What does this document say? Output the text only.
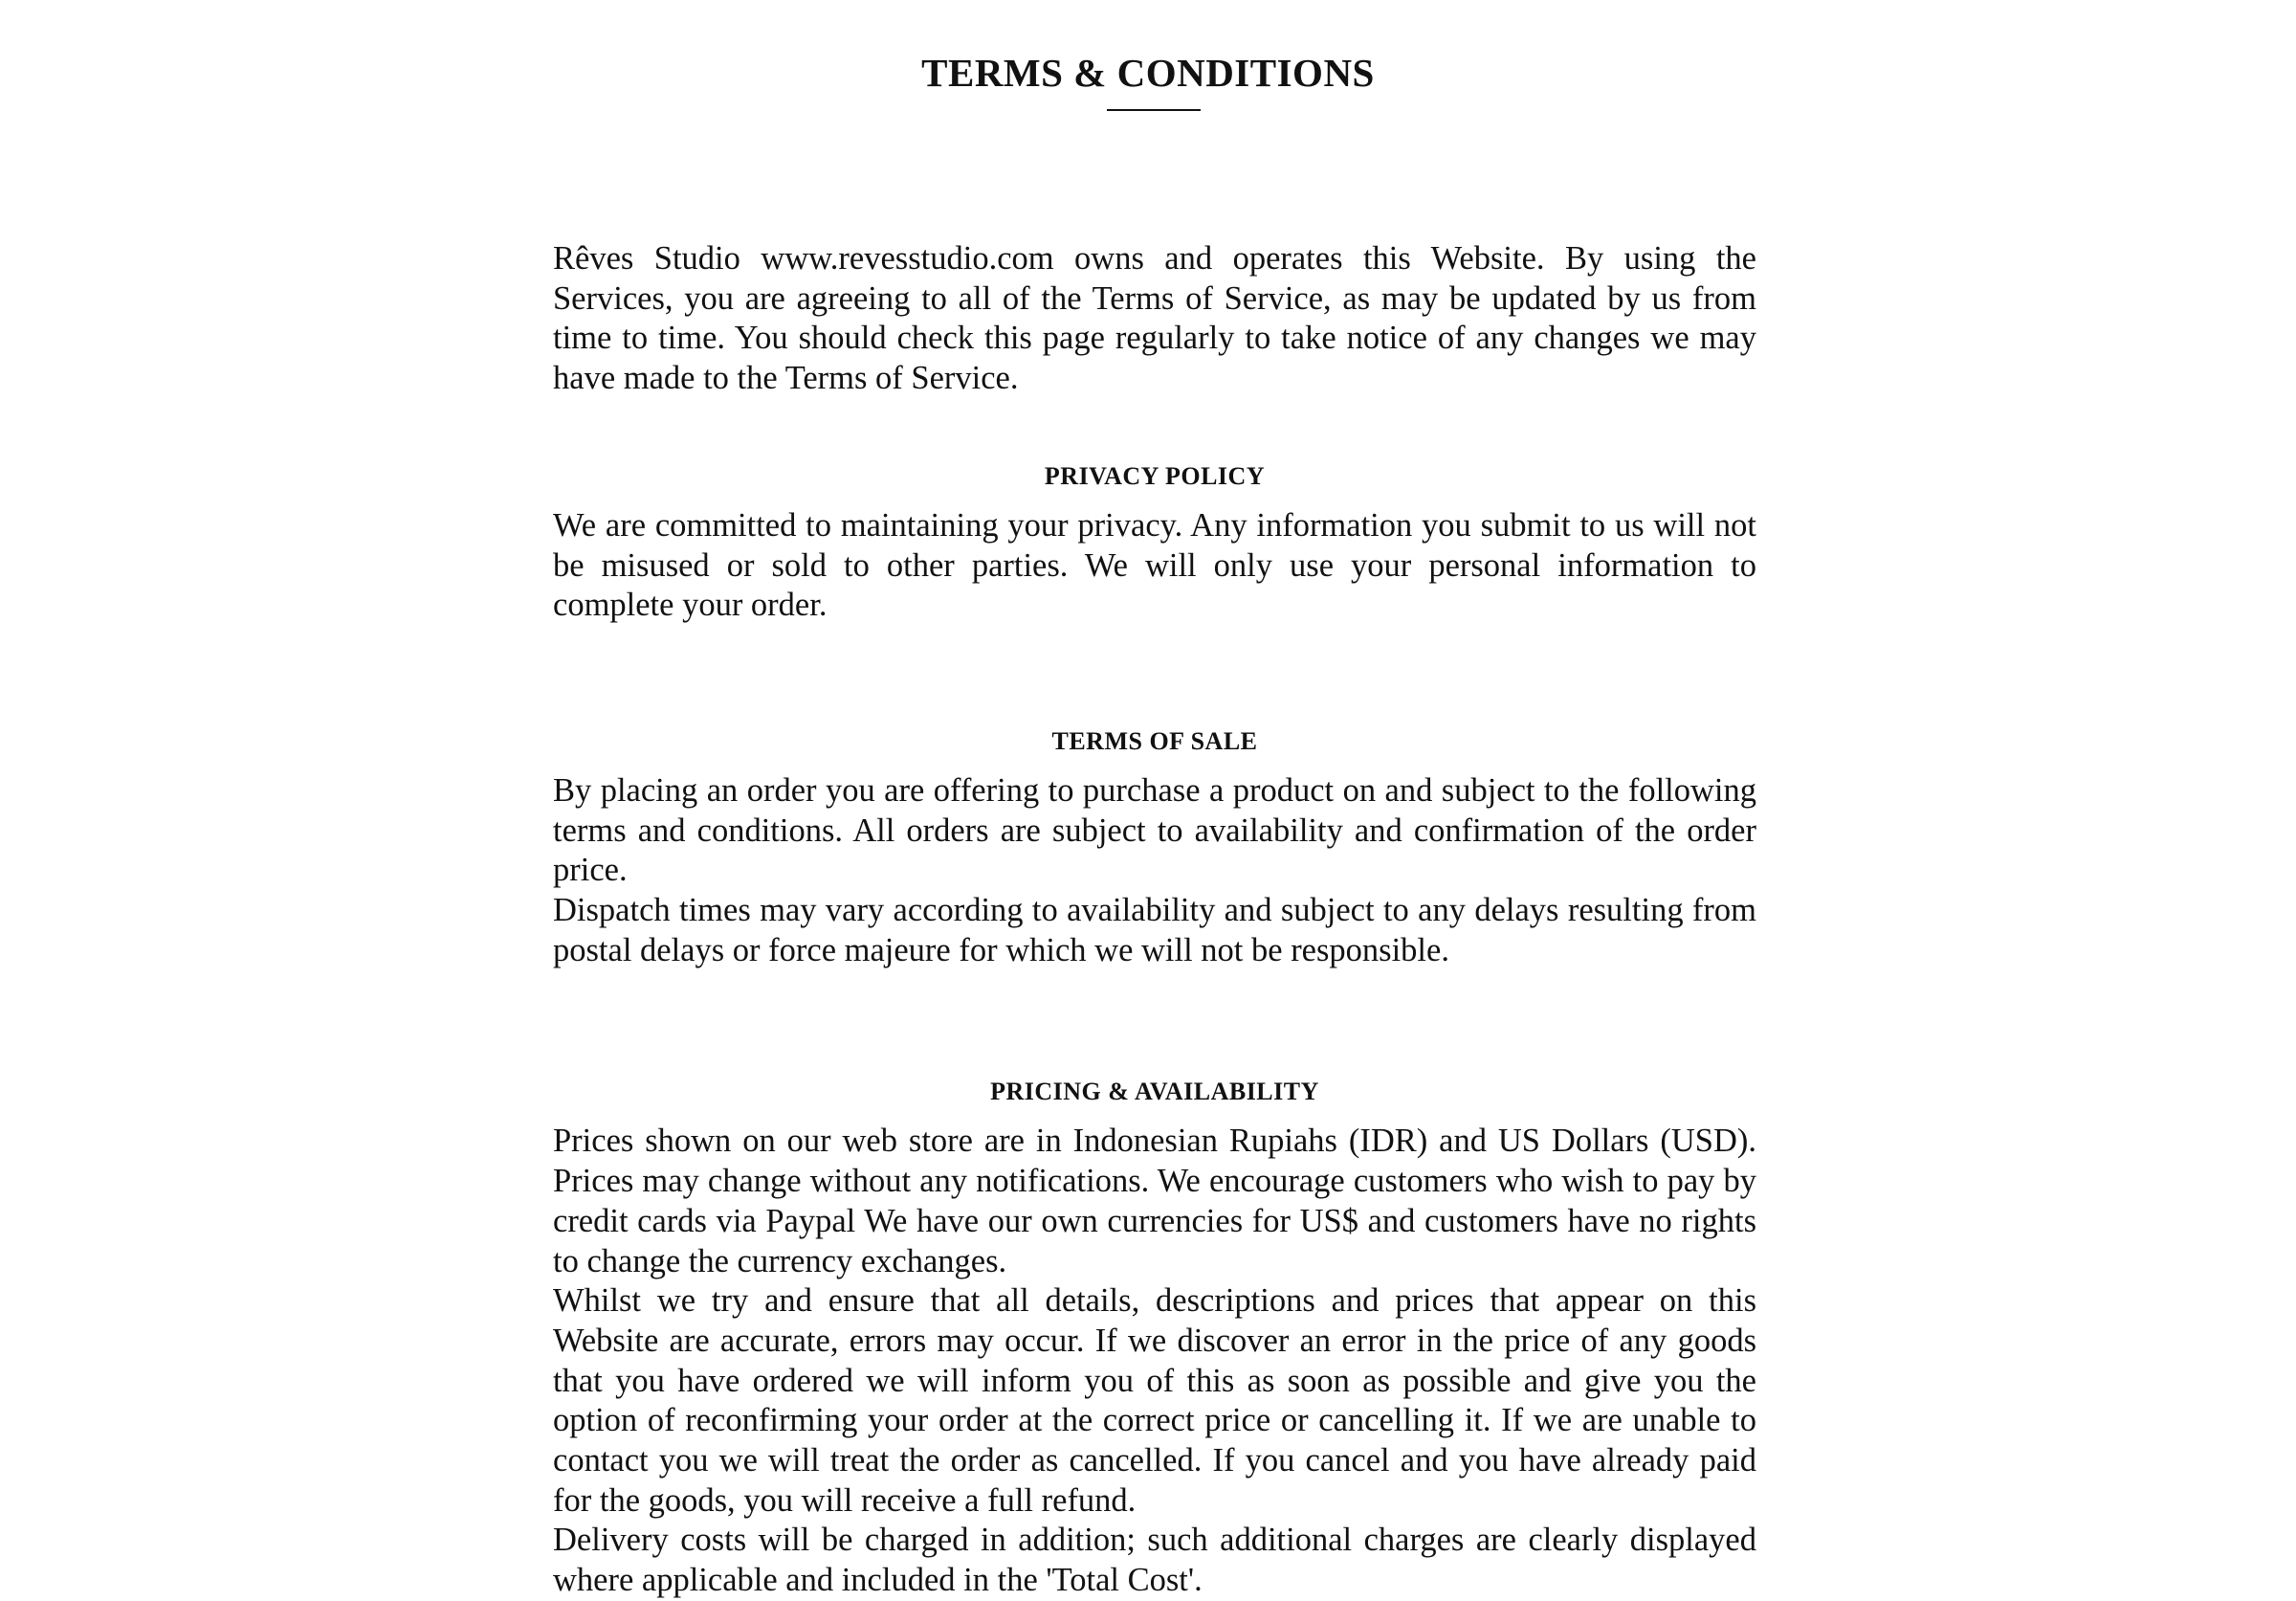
TERMS & CONDITIONS

Rêves Studio www.revesstudio.com owns and operates this Website. By using the Services, you are agreeing to all of the Terms of Service, as may be updated by us from time to time. You should check this page regularly to take notice of any changes we may have made to the Terms of Service.

PRIVACY POLICY

We are committed to maintaining your privacy. Any information you submit to us will not be misused or sold to other parties. We will only use your personal information to complete your order.

TERMS OF SALE

By placing an order you are offering to purchase a product on and subject to the following terms and conditions. All orders are subject to availability and confirmation of the order price.

Dispatch times may vary according to availability and subject to any delays resulting from postal delays or force majeure for which we will not be responsible.

PRICING & AVAILABILITY

Prices shown on our web store are in Indonesian Rupiahs (IDR) and US Dollars (USD). Prices may change without any notifications. We encourage customers who wish to pay by credit cards via Paypal We have our own currencies for US$ and customers have no rights to change the currency exchanges.

Whilst we try and ensure that all details, descriptions and prices that appear on this Website are accurate, errors may occur. If we discover an error in the price of any goods that you have ordered we will inform you of this as soon as possible and give you the option of reconfirming your order at the correct price or cancelling it. If we are unable to contact you we will treat the order as cancelled. If you cancel and you have already paid for the goods, you will receive a full refund.

Delivery costs will be charged in addition; such additional charges are clearly displayed where applicable and included in the 'Total Cost'.
